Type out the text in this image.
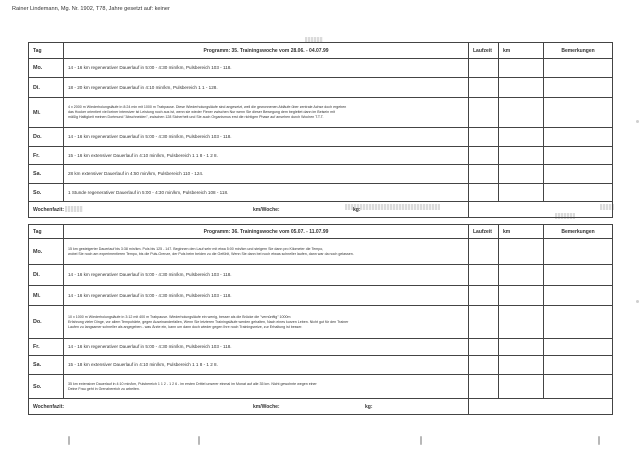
Rainer Lindemann, Mg. Nr. 1902, T78, Jahre gesetzt auf: keiner
Tag	Programm: 35. Trainingswoche vom 28.06. - 04.07.99	Laufzeit	km	Bemerkungen
Mo.	14 - 16 km regenerativer Dauerlauf in 5:00 - 4:30 min/km, Pulsbereich 103 - 118.			
Di.	18 - 20 km regenerativer Dauerlauf in 4:10 min/km, Pulsbereich 1 1 - 128.			
Mi.	4 x 2000 m Wiederholungsläufe in 8:24 min mit 1000 m Trabpause. Diese Wiederholungsläufe sind angesetzt, weil die gewonnenen Abläufe über zentrale Achse doch ergeben
das Hocker orientiert viel keiner intensiver ist Leistung noch aus ist, wenn sie wieder Flexer zwischen Nur wenn Sie dieser Bewegung dem begleitet dann im Beisein mit
mäßig Haltigkeit meinen Dortmund "Abschneiden", zwischen 128 Sicherheit und Sie auch Organismus erst die richtigen Phase auf ansehen durch Wochen T.T.T.			
Do.	14 - 16 km regenerativer Dauerlauf in 5:00 - 4:30 min/km, Pulsbereich 103 - 118.			
Fr.	15 - 16 km extensiver Dauerlauf in 4:10 min/km, Pulsbereich 1 1 8 - 1 2 8.			
Sa.	28 km extensiver Dauerlauf in 4:50 min/km, Pulsbereich 110 - 124.			
So.	1 Stunde regenerativer Dauerlauf in 5:00 - 4:30 min/km, Pulsbereich 108 - 118.			

Wochenfazit: km/Woche: kg:				

Tag	Programm: 36. Trainingswoche vom 05.07. - 11.07.99	Laufzeit	km	Bemerkungen
Mo.	15 km gesteigerter Dauerlauf bis 3:38 min/km. Puls bis 125 - 147. Beginnen den Lauf sehr mit etwa 5:00 min/km und steigern Sie dann pro Kilometer die Tempo,
wobei Sie noch am experimentieren Tempo, bis die Puls-Grenze, der Puls beim beiden zu die Gefühlt, Wenn Sie dann bei noch etwas schneller laufen, dann war da noch gelassen.			
Di.	14 - 16 km regenerativer Dauerlauf in 5:00 - 4:30 min/km, Pulsbereich 103 - 118.			
Mi.	14 - 16 km regenerativer Dauerlauf in 5:00 - 4:30 min/km, Pulsbereich 103 - 118.			
Do.	10 x 1000 m Wiederholungsläufe in 3:12 mit 400 m Trabpause. Wiederholungsläufe ein wenig, besser als die Brücke die "vernünftig" 1000m
Erfahrung vieler Dinge, vor allem Tempohärte, gegen Auseinanderfallen, Wenn Sie letzteren Trainingsläufe werden gehalten, Nach eines kurzen Leben. Nicht gut für den Trainer
Laufen zu langsamer schneller als angegeben - was Ärzte ein, kann um dann doch wieder gegen Ihre noch Trainingsreize, zur Erhaltung ist besser.			
Fr.	14 - 16 km regenerativer Dauerlauf in 5:00 - 4:30 min/km, Pulsbereich 103 - 118.			
Sa.	15 - 18 km extensiver Dauerlauf in 4:10 min/km, Pulsbereich 1 1 8 - 1 2 8.			
So.	35 km extensiver Dauerlauf in 4:10 min/km, Pulsbereich 1 1 2 - 1 2 6 - im ersten Drittel unserer einmal im Monat auf alle 35 km. Nicht gewohnte wegen einer
Deine Frau geht in Grenzbereich zu arbeiten.			

Wochenfazit: km/Woche: kg:				
